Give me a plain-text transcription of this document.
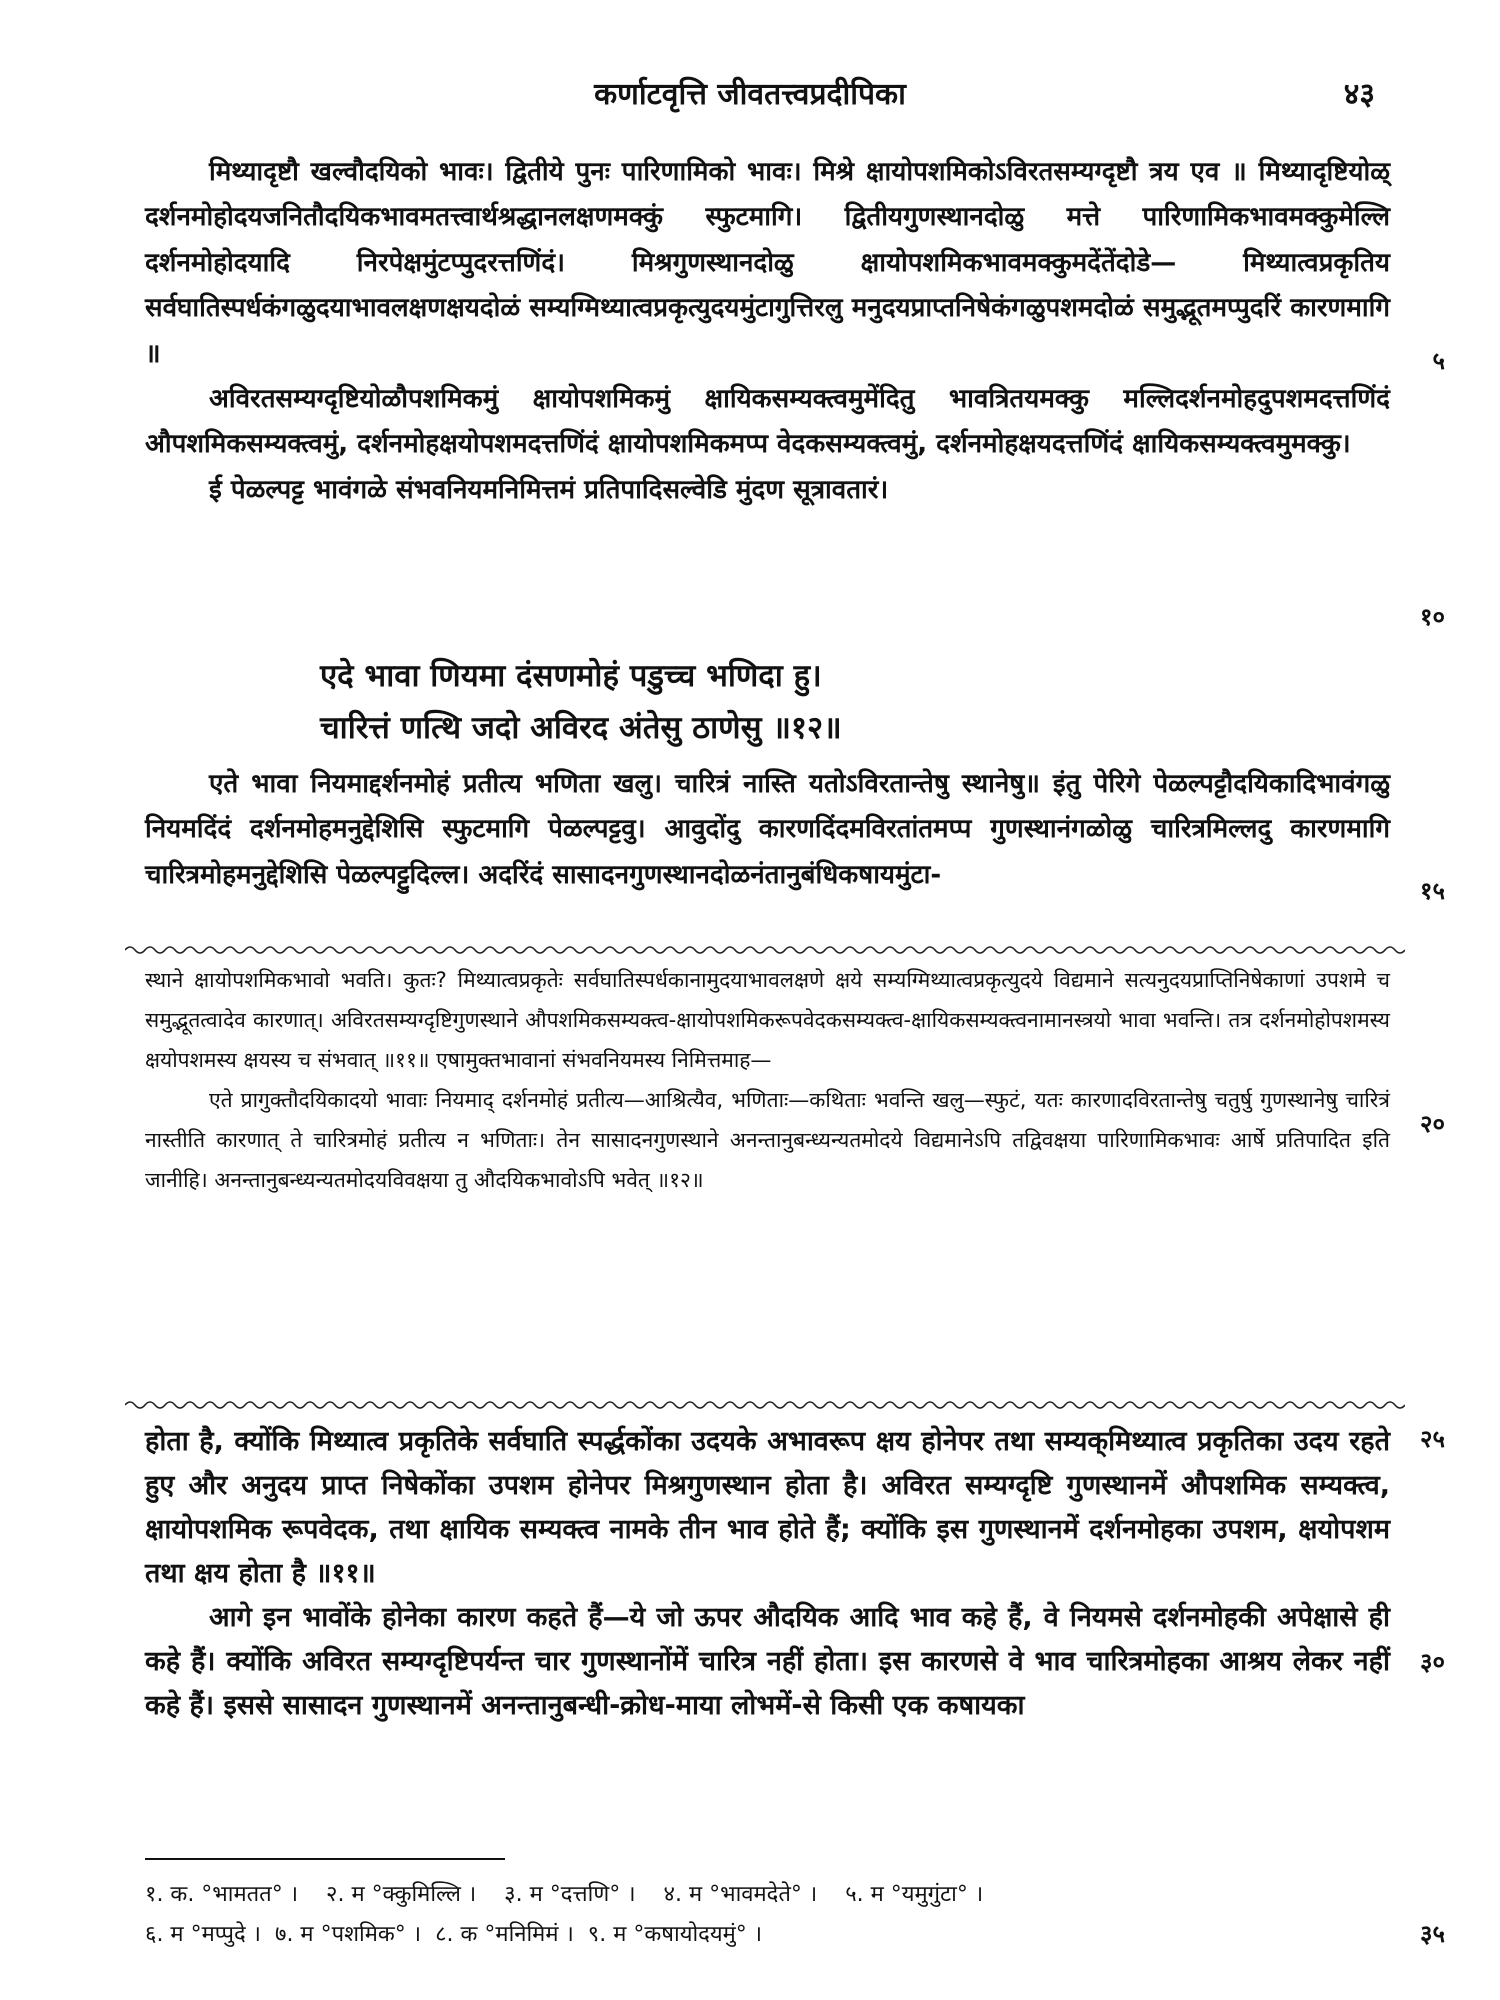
कर्णाटवृत्ति जीवतत्त्वप्रदीपिका	४३

मिथ्यादृष्टौ खल्वौदयिको भावः। द्वितीये पुनः पारिणामिको भावः। मिश्रे क्षायोपशमिकोऽविरतसम्यग्दृष्टौ त्रय एव ॥ मिथ्यादृष्टियोळ् दर्शनमोहोदयजनितौदयिकभावमतत्त्वार्थश्रद्धानलक्षणमक्कुं स्फुटमागि। द्वितीयगुणस्थानदोळु मत्ते पारिणामिकभावमक्कुमेल्लि दर्शनमोहोदयादि निरपेक्षमुंटप्पुदरत्तणिंदं। मिश्रगुणस्थानदोळु क्षायोपशमिकभावमक्कुमदेंतेंदोडे— मिथ्यात्वप्रकृतिय सर्वघातिस्पर्धकंगळुदयाभावलक्षणक्षयदोळं सम्यग्मिथ्यात्वप्रकृत्युदयमुंटागुत्तिरलु मनुदयप्राप्तनिषेकंगळुपशमदोळं समुद्भूतमप्पुदरिं कारणमागि ॥

अविरतसम्यग्दृष्टियोळौपशमिकमुं क्षायोपशमिकमुं क्षायिकसम्यक्त्वमुमेंदितु भावत्रितयमक्कु मल्लिदर्शनमोहदुपशमदत्तणिंदं औपशमिकसम्यक्त्वमुं, दर्शनमोहक्षयोपशमदत्तणिंदं क्षायोपशमिकमप्प वेदकसम्यक्त्वमुं, दर्शनमोहक्षयदत्तणिंदं क्षायिकसम्यक्त्वमुमक्कु।

ई पेळल्पट्ट भावंगळे संभवनियमनिमित्तमं प्रतिपादिसल्वेडि मुंदण सूत्रावतारं।

एदे भावा णियमा दंसणमोहं पडुच्च भणिदा हु।
चारित्तं णत्थि जदो अविरद अंतेसु ठाणेसु ॥१२॥

एते भावा नियमाद्दर्शनमोहं प्रतीत्य भणिता खलु। चारित्रं नास्ति यतोऽविरतान्तेषु स्थानेषु॥ इंतु पेरिगे पेळल्पट्टौदयिकादिभावंगळु नियमदिंदं दर्शनमोहमनुद्देशिसि स्फुटमागि पेळल्पट्टवु। आवुदोंदु कारणदिंदमविरतांतमप्प गुणस्थानंगळोळु चारित्रमिल्लदु कारणमागि चारित्रमोहमनुद्देशिसि पेळल्पट्टुदिल्ल। अदरिंदं सासादनगुणस्थानदोळनंतानुबंधिकषायमुंटा-

स्थाने क्षायोपशमिकभावो भवति। कुतः? मिथ्यात्वप्रकृतेः सर्वघातिस्पर्धकानामुदयाभावलक्षणे क्षये सम्यग्मिथ्यात्वप्रकृत्युदये विद्यमाने सत्यनुदयप्राप्तिनिषेकाणां उपशमे च समुद्भूतत्वादेव कारणात्। अविरतसम्यग्दृष्टिगुणस्थाने औपशमिकसम्यक्त्व-क्षायोपशमिकरूपवेदकसम्यक्त्व-क्षायिकसम्यक्त्वनामानस्त्रयो भावा भवन्ति। तत्र दर्शनमोहोपशमस्य क्षयोपशमस्य क्षयस्य च संभवात् ॥११॥ एषामुक्तभावानां संभवनियमस्य निमित्तमाह—

एते प्रागुक्तौदयिकादयो भावाः नियमाद् दर्शनमोहं प्रतीत्य—आश्रित्यैव, भणिताः—कथिताः भवन्ति खलु—स्फुटं, यतः कारणादविरतान्तेषु चतुर्षु गुणस्थानेषु चारित्रं नास्तीति कारणात् ते चारित्रमोहं प्रतीत्य न भणिताः। तेन सासादनगुणस्थाने अनन्तानुबन्ध्यन्यतमोदये विद्यमानेऽपि तद्विवक्षया पारिणामिकभावः आर्षे प्रतिपादित इति जानीहि। अनन्तानुबन्ध्यन्यतमोदयविवक्षया तु औदयिकभावोऽपि भवेत् ॥१२॥

होता है, क्योंकि मिथ्यात्व प्रकृतिके सर्वघाति स्पर्द्धकोंका उदयके अभावरूप क्षय होनेपर तथा सम्यक्‌मिथ्यात्व प्रकृतिका उदय रहते हुए और अनुदय प्राप्त निषेकोंका उपशम होनेपर मिश्रगुणस्थान होता है। अविरत सम्यग्दृष्टि गुणस्थानमें औपशमिक सम्यक्त्व, क्षायोपशमिक रूपवेदक, तथा क्षायिक सम्यक्त्व नामके तीन भाव होते हैं; क्योंकि इस गुणस्थानमें दर्शनमोहका उपशम, क्षयोपशम तथा क्षय होता है ॥११॥

आगे इन भावोंके होनेका कारण कहते हैं—ये जो ऊपर औदयिक आदि भाव कहे हैं, वे नियमसे दर्शनमोहकी अपेक्षासे ही कहे हैं। क्योंकि अविरत सम्यग्दृष्टिपर्यन्त चार गुणस्थानोंमें चारित्र नहीं होता। इस कारणसे वे भाव चारित्रमोहका आश्रय लेकर नहीं कहे हैं। इससे सासादन गुणस्थानमें अनन्तानुबन्धी-क्रोध-माया लोभमें-से किसी एक कषायका

१. क. °भामतत° ।    २. म °क्कुमिल्लि ।    ३. म °दत्तणि° ।    ४. म °भावमदेते° ।    ५. म °यमुगुंटा° ।
६. म °मप्पुदे ।  ७. म °पशमिक° ।  ८. क °मनिमिमं ।  ९. म °कषायोदयमुं° ।
५
१०
१५
२०
२५
३०
३५
